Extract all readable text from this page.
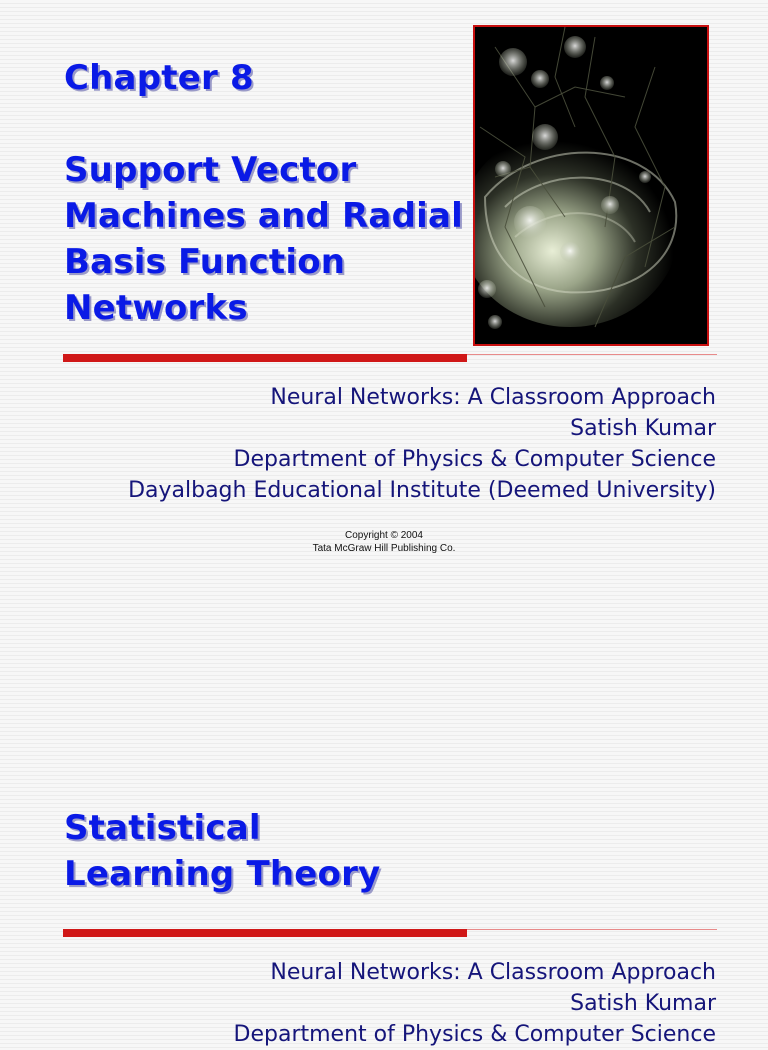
Chapter 8
Support Vector
Machines and Radial
Basis Function
Networks
Neural Networks: A Classroom Approach
Satish Kumar
Department of Physics & Computer Science
Dayalbagh Educational Institute (Deemed University)
Copyright © 2004
Tata McGraw Hill Publishing Co.
Statistical
Learning Theory
Neural Networks: A Classroom Approach
Satish Kumar
Department of Physics & Computer Science
